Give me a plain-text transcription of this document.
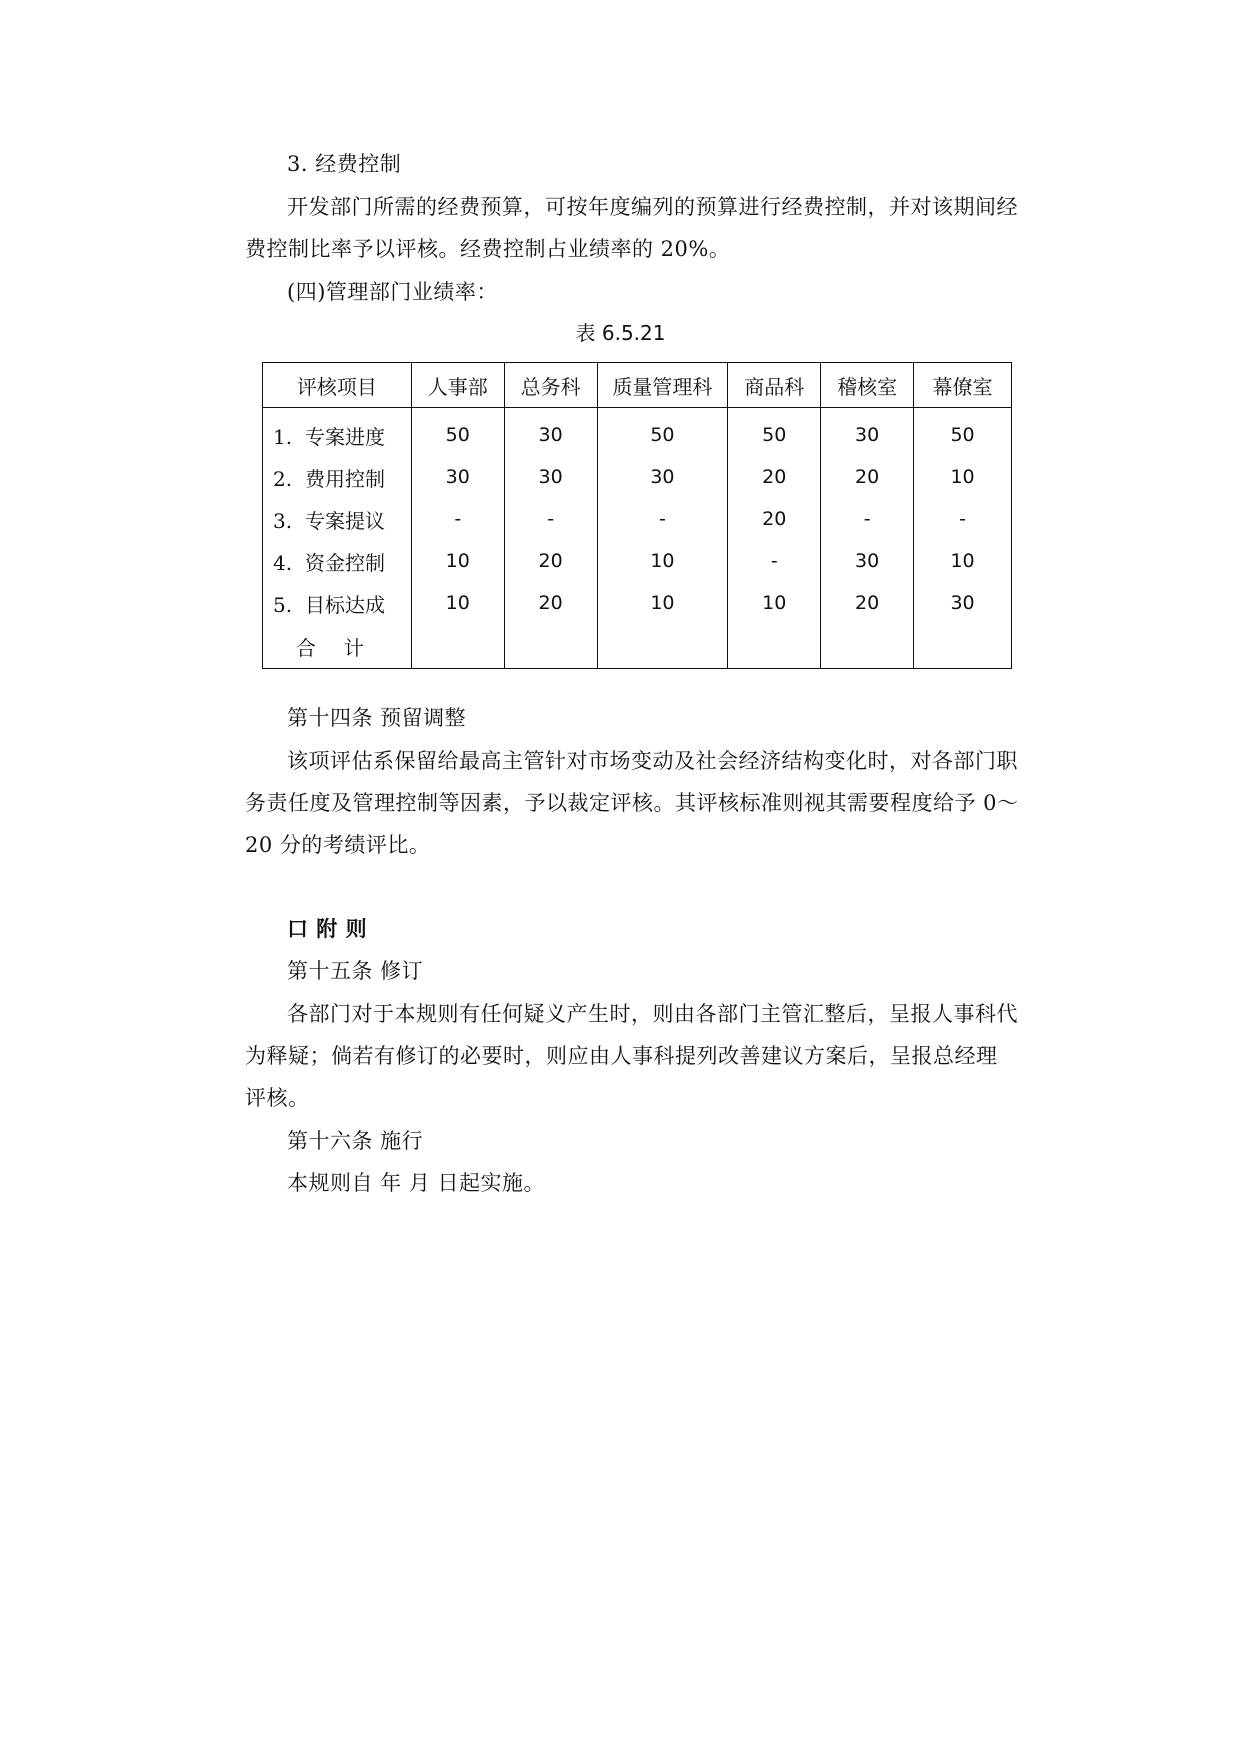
3. 经费控制
开发部门所需的经费预算，可按年度编列的预算进行经费控制，并对该期间经
费控制比率予以评核。经费控制占业绩率的 20%。
(四)管理部门业绩率：
表 6.5.21
评核项目	人事部	总务科	质量管理科	商品科	稽核室	幕僚室
1. 专案进度	50	30	50	50	30	50
2. 费用控制	30	30	30	20	20	10
3. 专案提议	-	-	-	20	-	-
4. 资金控制	10	20	10	-	30	10
5. 目标达成	10	20	10	10	20	30
合计						
第十四条 预留调整
该项评估系保留给最高主管针对市场变动及社会经济结构变化时，对各部门职
务责任度及管理控制等因素，予以裁定评核。其评核标准则视其需要程度给予 0～
20 分的考绩评比。
口 附 则
第十五条 修订
各部门对于本规则有任何疑义产生时，则由各部门主管汇整后，呈报人事科代
为释疑；倘若有修订的必要时，则应由人事科提列改善建议方案后，呈报总经理
评核。
第十六条 施行
本规则自 年 月 日起实施。
